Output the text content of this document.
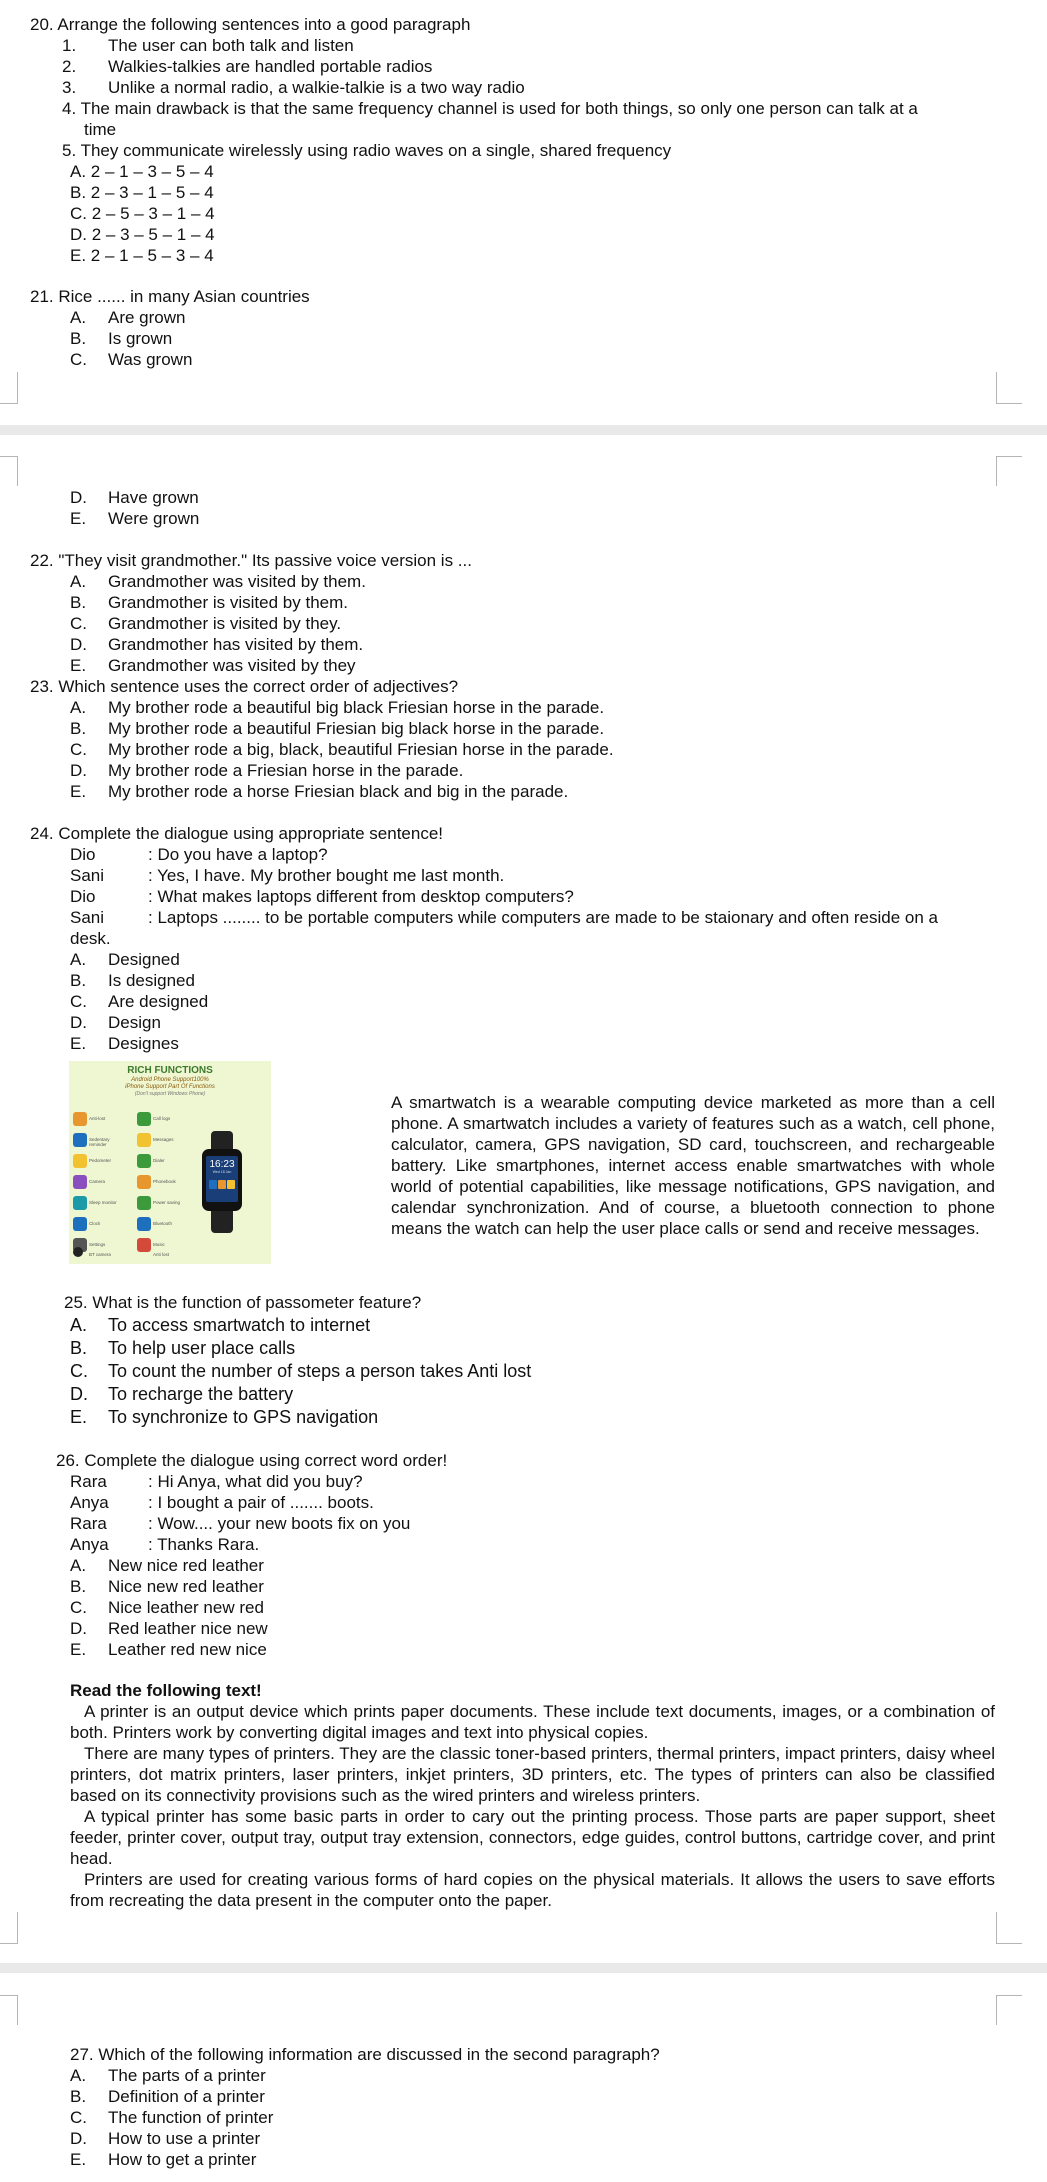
20. Arrange the following sentences into a good paragraph
1. The user can both talk and listen
2. Walkies-talkies are handled portable radios
3. Unlike a normal radio, a walkie-talkie is a two way radio
4. The main drawback is that the same frequency channel is used for both things, so only one person can talk at a
time
5. They communicate wirelessly using radio waves on a single, shared frequency
A. 2 – 1 – 3 – 5 – 4
B. 2 – 3 – 1 – 5 – 4
C. 2 – 5 – 3 – 1 – 4
D. 2 – 3 – 5 – 1 – 4
E. 2 – 1 – 5 – 3 – 4
21. Rice ...... in many Asian countries
A. Are grown
B. Is grown
C. Was grown
D. Have grown
E. Were grown
22. "They visit grandmother." Its passive voice version is ...
A. Grandmother was visited by them.
B. Grandmother is visited by them.
C. Grandmother is visited by they.
D. Grandmother has visited by them.
E. Grandmother was visited by they
23. Which sentence uses the correct order of adjectives?
A. My brother rode a beautiful big black Friesian horse in the parade.
B. My brother rode a beautiful Friesian big black horse in the parade.
C. My brother rode a big, black, beautiful Friesian horse in the parade.
D. My brother rode a Friesian horse in the parade.
E. My brother rode a horse Friesian black and big in the parade.
24. Complete the dialogue using appropriate sentence!
Dio	: Do you have a laptop?
Sani	: Yes, I have. My brother bought me last month.
Dio	: What makes laptops different from desktop computers?
Sani	: Laptops ........ to be portable computers while computers are made to be staionary and often reside on a
desk.
A. Designed
B. Is designed
C. Are designed
D. Design
E. Designes
RICH FUNCTIONS
Android Phone Support100%
iPhone Support Part Of Functions
(Don't support Windows Phone)
Anti-lost
Sedentary reminder
Pedometer
Camera
Sleep monitor
Clock
Settings
Call logs
Messages
Dialer
Phonebook
Power saving
Bluetooth
Music
BT camera	Anti lost
16:23
Wed 18 Jan
A smartwatch is a wearable computing device marketed as more than a cell phone. A smartwatch includes a variety of features such as a watch, cell phone, calculator, camera, GPS navigation, SD card, touchscreen, and rechargeable battery. Like smartphones, internet access enable smartwatches with whole world of potential capabilities, like message notifications, GPS navigation, and calendar synchronization. And of course, a bluetooth connection to phone means the watch can help the user place calls or send and receive messages.
25. What is the function of passometer feature?
A. To access smartwatch to internet
B. To help user place calls
C. To count the number of steps a person takes Anti lost
D. To recharge the battery
E. To synchronize to GPS navigation
26. Complete the dialogue using correct word order!
Rara : Hi Anya, what did you buy?
Anya : I bought a pair of ....... boots.
Rara : Wow.... your new boots fix on you
Anya : Thanks Rara.
A. New nice red leather
B. Nice new red leather
C. Nice leather new red
D. Red leather nice new
E. Leather red new nice
Read the following text!
A printer is an output device which prints paper documents. These include text documents, images, or a combination of both. Printers work by converting digital images and text into physical copies.
There are many types of printers. They are the classic toner-based printers, thermal printers, impact printers, daisy wheel printers, dot matrix printers, laser printers, inkjet printers, 3D printers, etc. The types of printers can also be classified based on its connectivity provisions such as the wired printers and wireless printers.
A typical printer has some basic parts in order to cary out the printing process. Those parts are paper support, sheet feeder, printer cover, output tray, output tray extension, connectors, edge guides, control buttons, cartridge cover, and print head.
Printers are used for creating various forms of hard copies on the physical materials. It allows the users to save efforts from recreating the data present in the computer onto the paper.
27. Which of the following information are discussed in the second paragraph?
A. The parts of a printer
B. Definition of a printer
C. The function of printer
D. How to use a printer
E. How to get a printer
